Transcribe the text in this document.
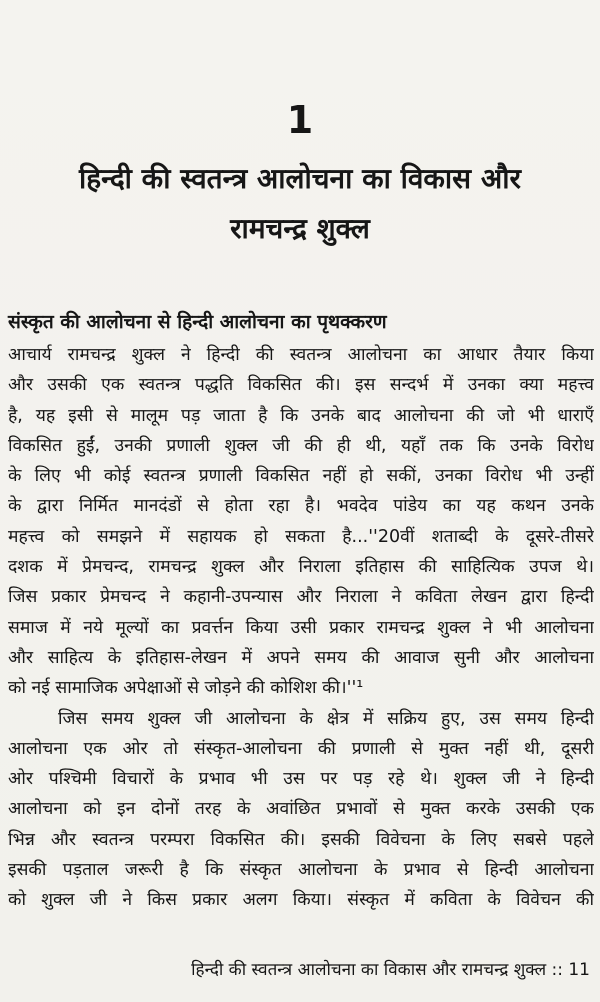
1
हिन्दी की स्वतन्त्र आलोचना का विकास और
रामचन्द्र शुक्ल
संस्कृत की आलोचना से हिन्दी आलोचना का पृथक्करण
आचार्य रामचन्द्र शुक्ल ने हिन्दी की स्वतन्त्र आलोचना का आधार तैयार किया
और उसकी एक स्वतन्त्र पद्धति विकसित की। इस सन्दर्भ में उनका क्या महत्त्व
है, यह इसी से मालूम पड़ जाता है कि उनके बाद आलोचना की जो भी धाराएँ
विकसित हुईं, उनकी प्रणाली शुक्ल जी की ही थी, यहाँ तक कि उनके विरोध
के लिए भी कोई स्वतन्त्र प्रणाली विकसित नहीं हो सकीं, उनका विरोध भी उन्हीं
के द्वारा निर्मित मानदंडों से होता रहा है। भवदेव पांडेय का यह कथन उनके
महत्त्व को समझने में सहायक हो सकता है...''20वीं शताब्दी के दूसरे-तीसरे
दशक में प्रेमचन्द, रामचन्द्र शुक्ल और निराला इतिहास की साहित्यिक उपज थे।
जिस प्रकार प्रेमचन्द ने कहानी-उपन्यास और निराला ने कविता लेखन द्वारा हिन्दी
समाज में नये मूल्यों का प्रवर्त्तन किया उसी प्रकार रामचन्द्र शुक्ल ने भी आलोचना
और साहित्य के इतिहास-लेखन में अपने समय की आवाज सुनी और आलोचना
को नई सामाजिक अपेक्षाओं से जोड़ने की कोशिश की।''¹
जिस समय शुक्ल जी आलोचना के क्षेत्र में सक्रिय हुए, उस समय हिन्दी
आलोचना एक ओर तो संस्कृत-आलोचना की प्रणाली से मुक्त नहीं थी, दूसरी
ओर पश्चिमी विचारों के प्रभाव भी उस पर पड़ रहे थे। शुक्ल जी ने हिन्दी
आलोचना को इन दोनों तरह के अवांछित प्रभावों से मुक्त करके उसकी एक
भिन्न और स्वतन्त्र परम्परा विकसित की। इसकी विवेचना के लिए सबसे पहले
इसकी पड़ताल जरूरी है कि संस्कृत आलोचना के प्रभाव से हिन्दी आलोचना
को शुक्ल जी ने किस प्रकार अलग किया। संस्कृत में कविता के विवेचन की
हिन्दी की स्वतन्त्र आलोचना का विकास और रामचन्द्र शुक्ल :: 11
